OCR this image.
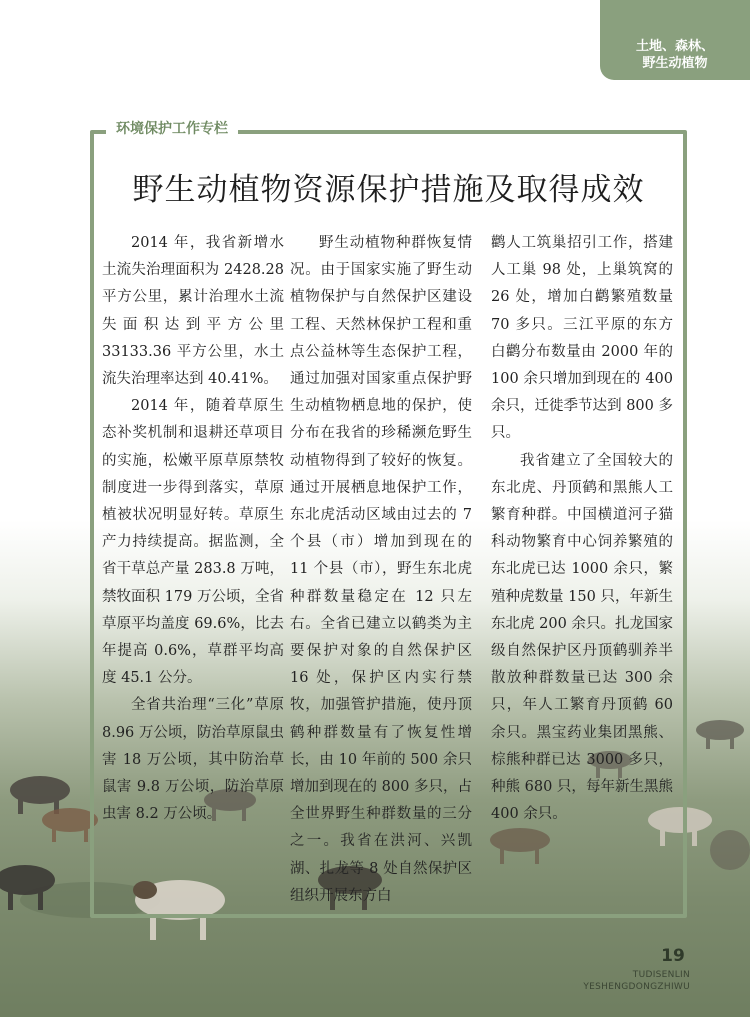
土地、森林、
野生动植物
环境保护工作专栏
野生动植物资源保护措施及取得成效

2014 年，我省新增水土流失治理面积为 2428.28 平方公里，累计治理水土流失面积达到平方公里 33133.36 平方公里，水土流失治理率达到 40.41%。

2014 年，随着草原生态补奖机制和退耕还草项目的实施，松嫩平原草原禁牧制度进一步得到落实，草原植被状况明显好转。草原生产力持续提高。据监测，全省干草总产量 283.8 万吨，禁牧面积 179 万公顷，全省草原平均盖度 69.6%，比去年提高 0.6%，草群平均高度 45.1 公分。

全省共治理“三化”草原 8.96 万公顷，防治草原鼠虫害 18 万公顷，其中防治草鼠害 9.8 万公顷，防治草原虫害 8.2 万公顷。

野生动植物种群恢复情况。由于国家实施了野生动植物保护与自然保护区建设工程、天然林保护工程和重点公益林等生态保护工程，通过加强对国家重点保护野生动植物栖息地的保护，使分布在我省的珍稀濒危野生动植物得到了较好的恢复。通过开展栖息地保护工作，东北虎活动区域由过去的 7 个县（市）增加到现在的 11 个县（市），野生东北虎种群数量稳定在 12 只左右。全省已建立以鹤类为主要保护对象的自然保护区 16 处，保护区内实行禁牧，加强管护措施，使丹顶鹤种群数量有了恢复性增长，由 10 年前的 500 余只增加到现在的 800 多只，占全世界野生种群数量的三分之一。我省在洪河、兴凯湖、扎龙等 8 处自然保护区组织开展东方白

鹳人工筑巢招引工作，搭建人工巢 98 处，上巢筑窝的 26 处，增加白鹳繁殖数量 70 多只。三江平原的东方白鹳分布数量由 2000 年的 100 余只增加到现在的 400 余只，迁徙季节达到 800 多只。

我省建立了全国较大的东北虎、丹顶鹤和黑熊人工繁育种群。中国横道河子猫科动物繁育中心饲养繁殖的东北虎已达 1000 余只，繁殖种虎数量 150 只，年新生东北虎 200 余只。扎龙国家级自然保护区丹顶鹤驯养半散放种群数量已达 300 余只，年人工繁育丹顶鹤 60 余只。黑宝药业集团黑熊、棕熊种群已达 3000 多只，种熊 680 只，每年新生黑熊 400 余只。

19
TUDISENLIN
YESHENGDONGZHIWU
